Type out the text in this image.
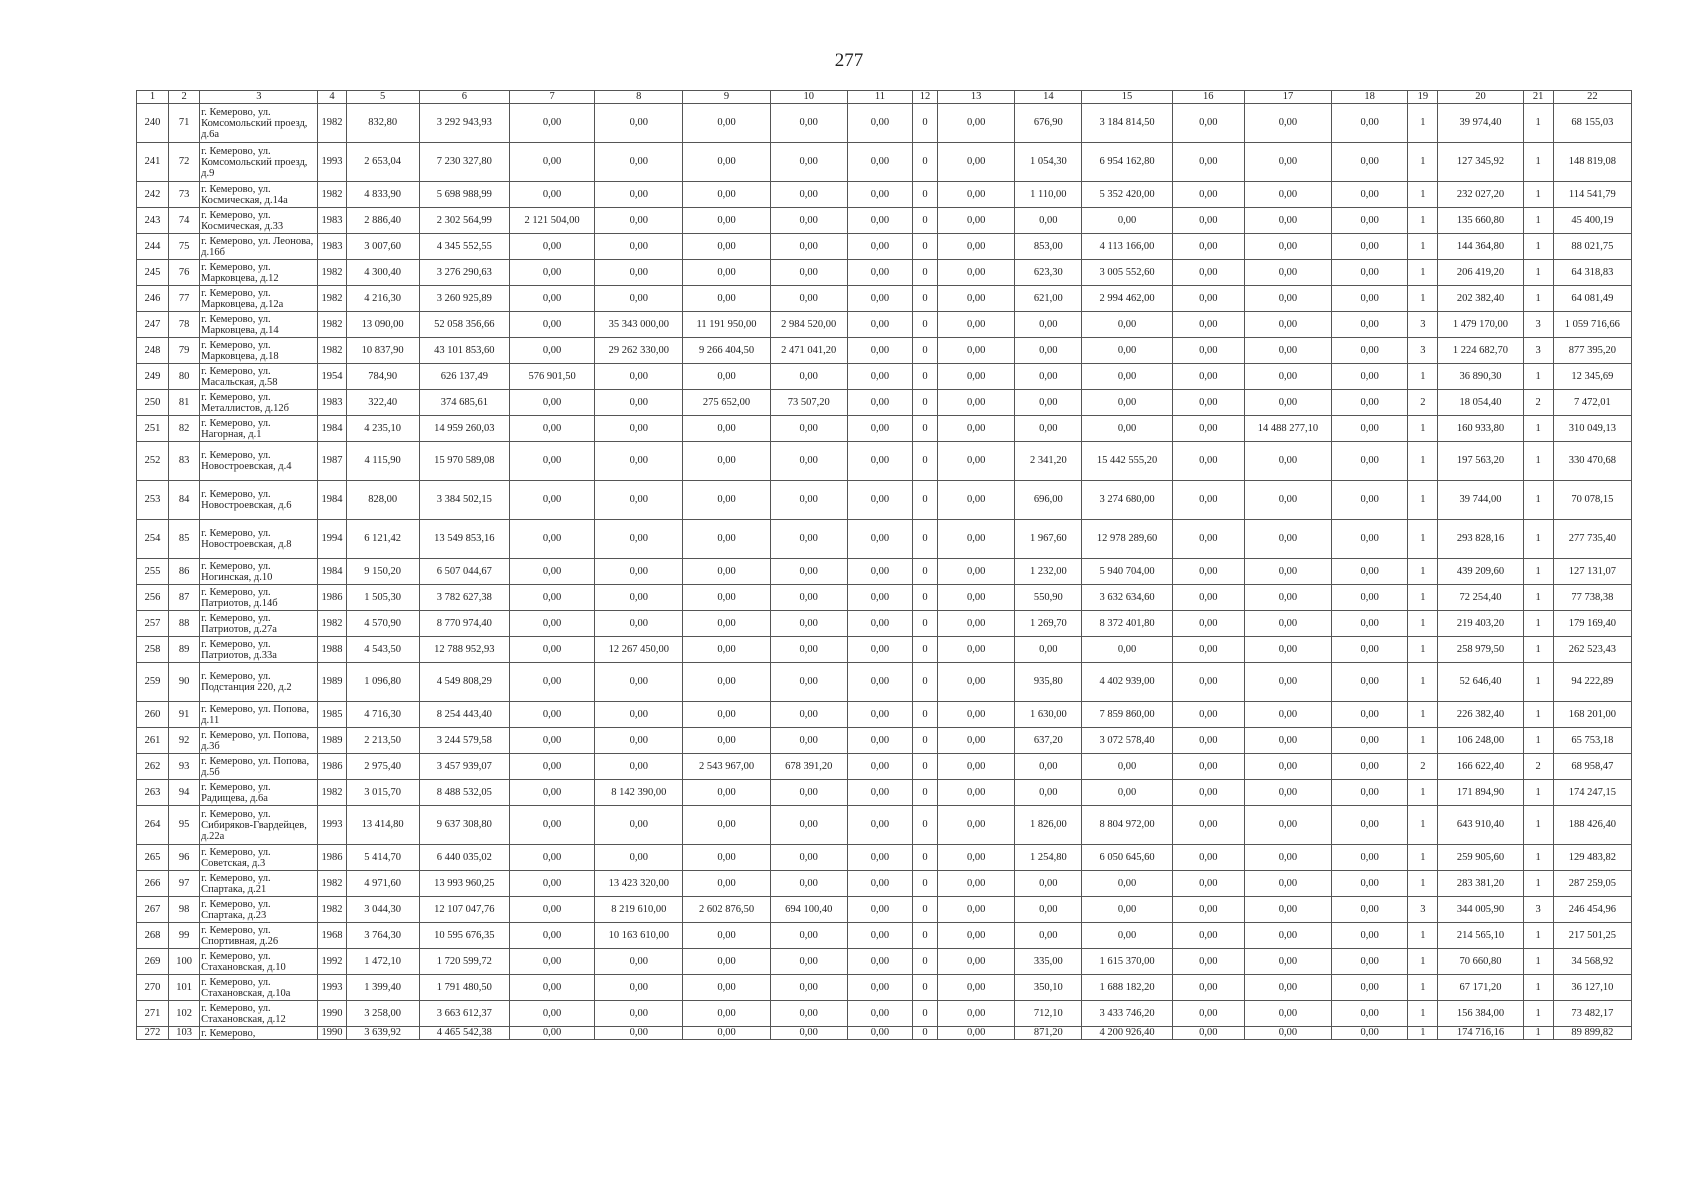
277
1	2	3	4	5	6	7	8	9	10	11	12	13	14	15	16	17	18	19	20	21	22
240	71	г. Кемерово, ул. Комсомольский проезд, д.6а	1982	832,80	3 292 943,93	0,00	0,00	0,00	0,00	0,00	0	0,00	676,90	3 184 814,50	0,00	0,00	0,00	1	39 974,40	1	68 155,03
241	72	г. Кемерово, ул. Комсомольский проезд, д.9	1993	2 653,04	7 230 327,80	0,00	0,00	0,00	0,00	0,00	0	0,00	1 054,30	6 954 162,80	0,00	0,00	0,00	1	127 345,92	1	148 819,08
242	73	г. Кемерово, ул. Космическая, д.14а	1982	4 833,90	5 698 988,99	0,00	0,00	0,00	0,00	0,00	0	0,00	1 110,00	5 352 420,00	0,00	0,00	0,00	1	232 027,20	1	114 541,79
243	74	г. Кемерово, ул. Космическая, д.33	1983	2 886,40	2 302 564,99	2 121 504,00	0,00	0,00	0,00	0,00	0	0,00	0,00	0,00	0,00	0,00	0,00	1	135 660,80	1	45 400,19
244	75	г. Кемерово, ул. Леонова, д.16б	1983	3 007,60	4 345 552,55	0,00	0,00	0,00	0,00	0,00	0	0,00	853,00	4 113 166,00	0,00	0,00	0,00	1	144 364,80	1	88 021,75
245	76	г. Кемерово, ул. Марковцева, д.12	1982	4 300,40	3 276 290,63	0,00	0,00	0,00	0,00	0,00	0	0,00	623,30	3 005 552,60	0,00	0,00	0,00	1	206 419,20	1	64 318,83
246	77	г. Кемерово, ул. Марковцева, д.12а	1982	4 216,30	3 260 925,89	0,00	0,00	0,00	0,00	0,00	0	0,00	621,00	2 994 462,00	0,00	0,00	0,00	1	202 382,40	1	64 081,49
247	78	г. Кемерово, ул. Марковцева, д.14	1982	13 090,00	52 058 356,66	0,00	35 343 000,00	11 191 950,00	2 984 520,00	0,00	0	0,00	0,00	0,00	0,00	0,00	0,00	3	1 479 170,00	3	1 059 716,66
248	79	г. Кемерово, ул. Марковцева, д.18	1982	10 837,90	43 101 853,60	0,00	29 262 330,00	9 266 404,50	2 471 041,20	0,00	0	0,00	0,00	0,00	0,00	0,00	0,00	3	1 224 682,70	3	877 395,20
249	80	г. Кемерово, ул. Масальская, д.58	1954	784,90	626 137,49	576 901,50	0,00	0,00	0,00	0,00	0	0,00	0,00	0,00	0,00	0,00	0,00	1	36 890,30	1	12 345,69
250	81	г. Кемерово, ул. Металлистов, д.12б	1983	322,40	374 685,61	0,00	0,00	275 652,00	73 507,20	0,00	0	0,00	0,00	0,00	0,00	0,00	0,00	2	18 054,40	2	7 472,01
251	82	г. Кемерово, ул. Нагорная, д.1	1984	4 235,10	14 959 260,03	0,00	0,00	0,00	0,00	0,00	0	0,00	0,00	0,00	0,00	14 488 277,10	0,00	1	160 933,80	1	310 049,13
252	83	г. Кемерово, ул. Новостроевская, д.4	1987	4 115,90	15 970 589,08	0,00	0,00	0,00	0,00	0,00	0	0,00	2 341,20	15 442 555,20	0,00	0,00	0,00	1	197 563,20	1	330 470,68
253	84	г. Кемерово, ул. Новостроевская, д.6	1984	828,00	3 384 502,15	0,00	0,00	0,00	0,00	0,00	0	0,00	696,00	3 274 680,00	0,00	0,00	0,00	1	39 744,00	1	70 078,15
254	85	г. Кемерово, ул. Новостроевская, д.8	1994	6 121,42	13 549 853,16	0,00	0,00	0,00	0,00	0,00	0	0,00	1 967,60	12 978 289,60	0,00	0,00	0,00	1	293 828,16	1	277 735,40
255	86	г. Кемерово, ул. Ногинская, д.10	1984	9 150,20	6 507 044,67	0,00	0,00	0,00	0,00	0,00	0	0,00	1 232,00	5 940 704,00	0,00	0,00	0,00	1	439 209,60	1	127 131,07
256	87	г. Кемерово, ул. Патриотов, д.14б	1986	1 505,30	3 782 627,38	0,00	0,00	0,00	0,00	0,00	0	0,00	550,90	3 632 634,60	0,00	0,00	0,00	1	72 254,40	1	77 738,38
257	88	г. Кемерово, ул. Патриотов, д.27а	1982	4 570,90	8 770 974,40	0,00	0,00	0,00	0,00	0,00	0	0,00	1 269,70	8 372 401,80	0,00	0,00	0,00	1	219 403,20	1	179 169,40
258	89	г. Кемерово, ул. Патриотов, д.33а	1988	4 543,50	12 788 952,93	0,00	12 267 450,00	0,00	0,00	0,00	0	0,00	0,00	0,00	0,00	0,00	0,00	1	258 979,50	1	262 523,43
259	90	г. Кемерово, ул. Подстанция 220, д.2	1989	1 096,80	4 549 808,29	0,00	0,00	0,00	0,00	0,00	0	0,00	935,80	4 402 939,00	0,00	0,00	0,00	1	52 646,40	1	94 222,89
260	91	г. Кемерово, ул. Попова, д.11	1985	4 716,30	8 254 443,40	0,00	0,00	0,00	0,00	0,00	0	0,00	1 630,00	7 859 860,00	0,00	0,00	0,00	1	226 382,40	1	168 201,00
261	92	г. Кемерово, ул. Попова, д.3б	1989	2 213,50	3 244 579,58	0,00	0,00	0,00	0,00	0,00	0	0,00	637,20	3 072 578,40	0,00	0,00	0,00	1	106 248,00	1	65 753,18
262	93	г. Кемерово, ул. Попова, д.5б	1986	2 975,40	3 457 939,07	0,00	0,00	2 543 967,00	678 391,20	0,00	0	0,00	0,00	0,00	0,00	0,00	0,00	2	166 622,40	2	68 958,47
263	94	г. Кемерово, ул. Радищева, д.6а	1982	3 015,70	8 488 532,05	0,00	8 142 390,00	0,00	0,00	0,00	0	0,00	0,00	0,00	0,00	0,00	0,00	1	171 894,90	1	174 247,15
264	95	г. Кемерово, ул. Сибиряков-Гвардейцев, д.22а	1993	13 414,80	9 637 308,80	0,00	0,00	0,00	0,00	0,00	0	0,00	1 826,00	8 804 972,00	0,00	0,00	0,00	1	643 910,40	1	188 426,40
265	96	г. Кемерово, ул. Советская, д.3	1986	5 414,70	6 440 035,02	0,00	0,00	0,00	0,00	0,00	0	0,00	1 254,80	6 050 645,60	0,00	0,00	0,00	1	259 905,60	1	129 483,82
266	97	г. Кемерово, ул. Спартака, д.21	1982	4 971,60	13 993 960,25	0,00	13 423 320,00	0,00	0,00	0,00	0	0,00	0,00	0,00	0,00	0,00	0,00	1	283 381,20	1	287 259,05
267	98	г. Кемерово, ул. Спартака, д.23	1982	3 044,30	12 107 047,76	0,00	8 219 610,00	2 602 876,50	694 100,40	0,00	0	0,00	0,00	0,00	0,00	0,00	0,00	3	344 005,90	3	246 454,96
268	99	г. Кемерово, ул. Спортивная, д.26	1968	3 764,30	10 595 676,35	0,00	10 163 610,00	0,00	0,00	0,00	0	0,00	0,00	0,00	0,00	0,00	0,00	1	214 565,10	1	217 501,25
269	100	г. Кемерово, ул. Стахановская, д.10	1992	1 472,10	1 720 599,72	0,00	0,00	0,00	0,00	0,00	0	0,00	335,00	1 615 370,00	0,00	0,00	0,00	1	70 660,80	1	34 568,92
270	101	г. Кемерово, ул. Стахановская, д.10а	1993	1 399,40	1 791 480,50	0,00	0,00	0,00	0,00	0,00	0	0,00	350,10	1 688 182,20	0,00	0,00	0,00	1	67 171,20	1	36 127,10
271	102	г. Кемерово, ул. Стахановская, д.12	1990	3 258,00	3 663 612,37	0,00	0,00	0,00	0,00	0,00	0	0,00	712,10	3 433 746,20	0,00	0,00	0,00	1	156 384,00	1	73 482,17
272	103	г. Кемерово,	1990	3 639,92	4 465 542,38	0,00	0,00	0,00	0,00	0,00	0	0,00	871,20	4 200 926,40	0,00	0,00	0,00	1	174 716,16	1	89 899,82
